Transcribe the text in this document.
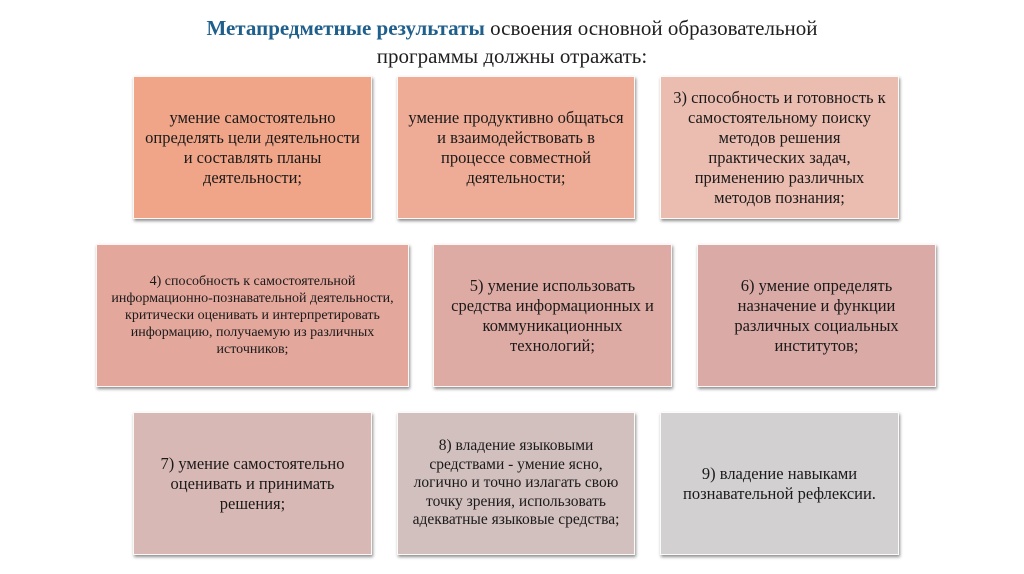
Метапредметные результаты освоения основной образовательной
программы должны отражать:
умение самостоятельно определять цели деятельности и составлять планы деятельности;
умение продуктивно общаться и взаимодействовать в процессе совместной деятельности;
3) способность и готовность к самостоятельному поиску методов решения практических задач, применению различных методов познания;
4) способность к самостоятельной информационно-познавательной деятельности, критически оценивать и интерпретировать информацию, получаемую из различных источников;
5) умение использовать средства информационных и коммуникационных технологий;
6) умение определять назначение и функции различных социальных институтов;
7) умение самостоятельно оценивать и принимать решения;
8) владение языковыми средствами - умение ясно, логично и точно излагать свою точку зрения, использовать адекватные языковые средства;
9) владение навыками познавательной рефлексии.
